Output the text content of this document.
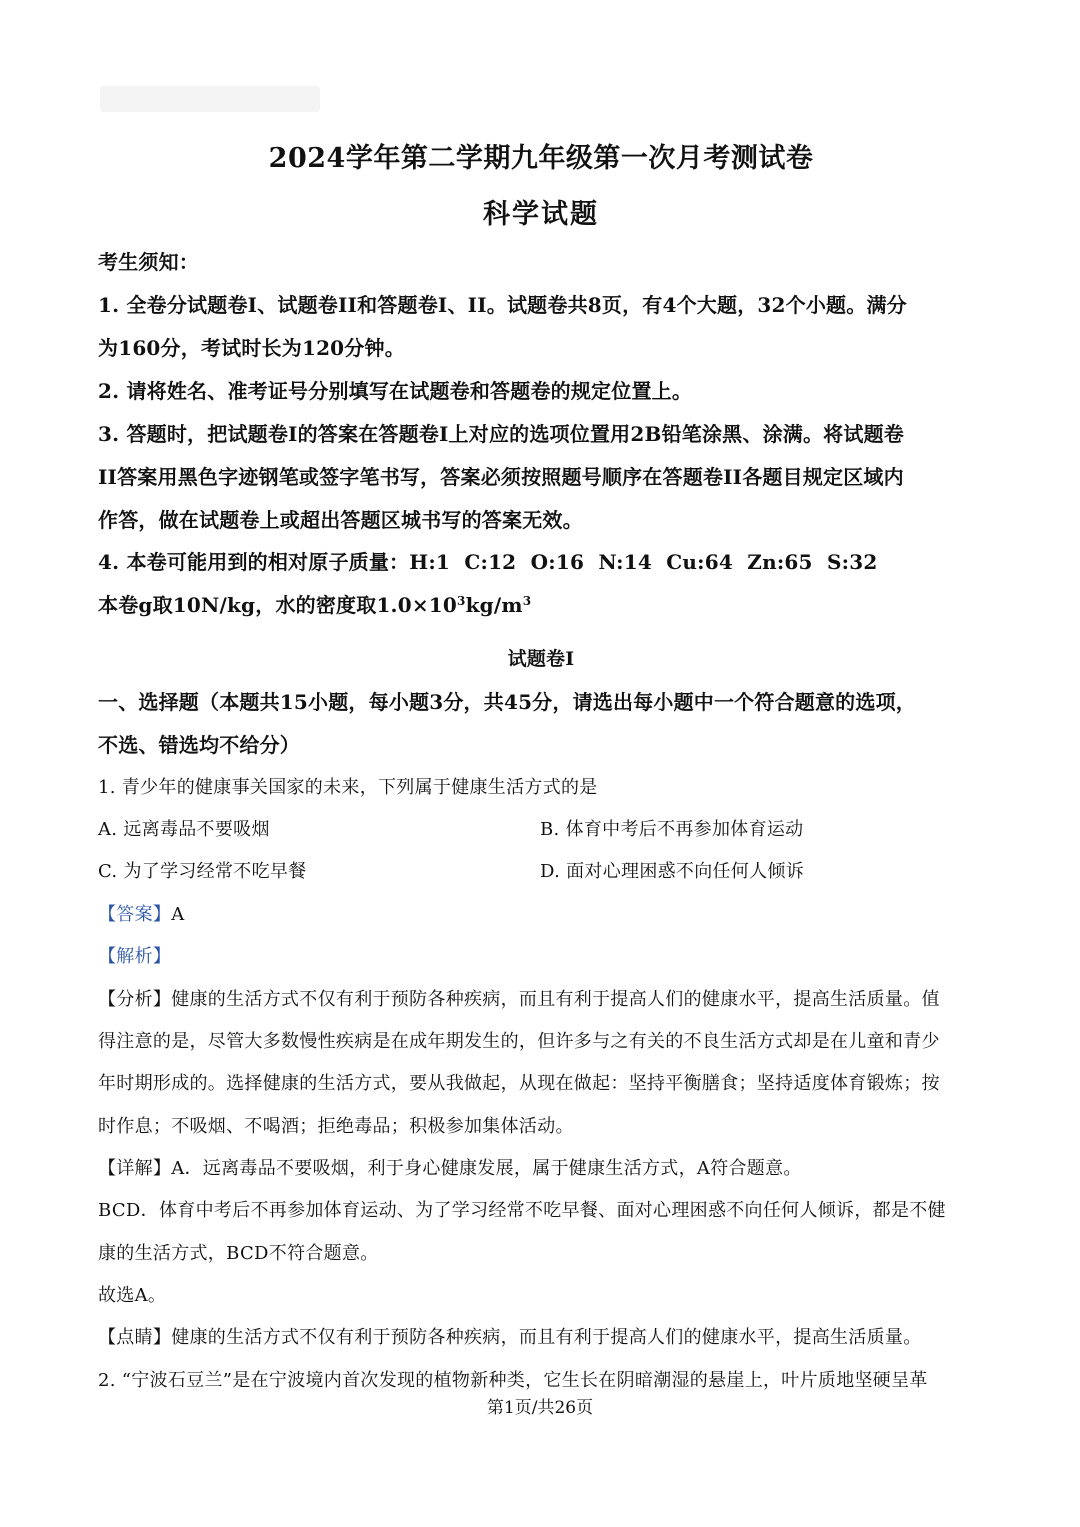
2024学年第二学期九年级第一次月考测试卷
科学试题
考生须知：
1. 全卷分试题卷I、试题卷II和答题卷I、II。试题卷共8页，有4个大题，32个小题。满分
为160分，考试时长为120分钟。
2. 请将姓名、准考证号分别填写在试题卷和答题卷的规定位置上。
3. 答题时，把试题卷I的答案在答题卷I上对应的选项位置用2B铅笔涂黑、涂满。将试题卷
II答案用黑色字迹钢笔或签字笔书写，答案必须按照题号顺序在答题卷II各题目规定区域内
作答，做在试题卷上或超出答题区城书写的答案无效。
4. 本卷可能用到的相对原子质量：H:1  C:12  O:16  N:14  Cu:64  Zn:65  S:32
本卷g取10N/kg，水的密度取$1.0\times 10^3kg/m^3$
试题卷I
一、选择题（本题共15小题，每小题3分，共45分，请选出每小题中一个符合题意的选项，
不选、错选均不给分）
1. 青少年的健康事关国家的未来，下列属于健康生活方式的是
A. 远离毒品不要吸烟	B. 体育中考后不再参加体育运动
C. 为了学习经常不吃早餐	D. 面对心理困惑不向任何人倾诉
【答案】A
【解析】
【分析】健康的生活方式不仅有利于预防各种疾病，而且有利于提高人们的健康水平，提高生活质量。值
得注意的是，尽管大多数慢性疾病是在成年期发生的，但许多与之有关的不良生活方式却是在儿童和青少
年时期形成的。选择健康的生活方式，要从我做起，从现在做起：坚持平衡膳食；坚持适度体育锻炼；按
时作息；不吸烟、不喝酒；拒绝毒品；积极参加集体活动。
【详解】A．远离毒品不要吸烟，利于身心健康发展，属于健康生活方式，A符合题意。
BCD．体育中考后不再参加体育运动、为了学习经常不吃早餐、面对心理困惑不向任何人倾诉，都是不健
康的生活方式，BCD不符合题意。
故选A。
【点睛】健康的生活方式不仅有利于预防各种疾病，而且有利于提高人们的健康水平，提高生活质量。
2. “宁波石豆兰”是在宁波境内首次发现的植物新种类，它生长在阴暗潮湿的悬崖上，叶片质地坚硬呈革
第1页/共26页
